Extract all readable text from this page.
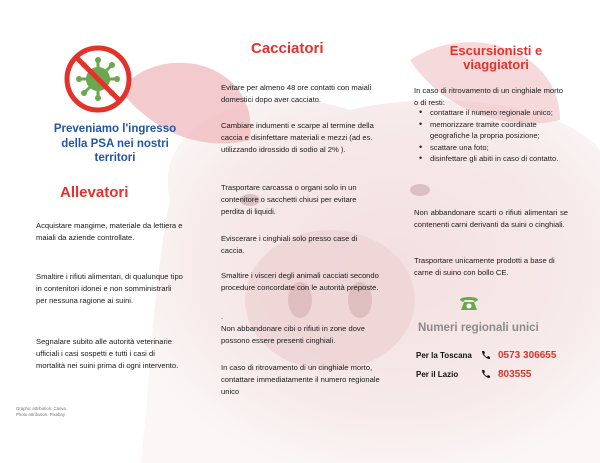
Preveniamo l'ingresso della PSA nei nostri territori
Allevatori
Acquistare mangime, materiale da lettiera e maiali da aziende controllate.
Smaltire i rifiuti alimentari, di qualunque tipo in contenitori idonei e non somministrarli per nessuna ragione ai suini.
Segnalare subito alle autorità veterinarie ufficiali i casi sospetti e tutti i casi di mortalità nei suini prima di ogni intervento.
Cacciatori
Evitare per almeno 48 ore contatti con maiali domestici dopo aver cacciato.
Cambiare indumenti e scarpe al termine della caccia e disinfettare materiali e mezzi (ad es. utilizzando idrossido di sodio al 2% ).
Trasportare carcassa o organi solo in un contenitore o sacchetti chiusi per evitare perdita di liquidi.
Eviscerare i cinghiali solo presso case di caccia.
Smaltire i visceri degli animali cacciati secondo procedure concordate con le autorità preposte.
.
Non abbandonare cibi o rifiuti in zone dove possono essere presenti cinghiali.
In caso di ritrovamento di un cinghiale morto, contattare immediatamente il numero regionale unico
Escursionisti e viaggiatori
In caso di ritrovamento di un cinghiale morto o di resti:
• contattare il numero regionale unico;
• memorizzare tramite coordinate geografiche la propria posizione;
• scattare una foto;
• disinfettare gli abiti in caso di contatto.
Non abbandonare scarti o rifiuti alimentari se contenenti carni derivanti da suini o cinghiali.
Trasportare unicamente prodotti a base di carne di suino con bollo CE.
Numeri regionali unici
Per la Toscana	0573 306655
Per il Lazio	803555
Graphic attribution: Canva
Photo attribution: Pixabay
